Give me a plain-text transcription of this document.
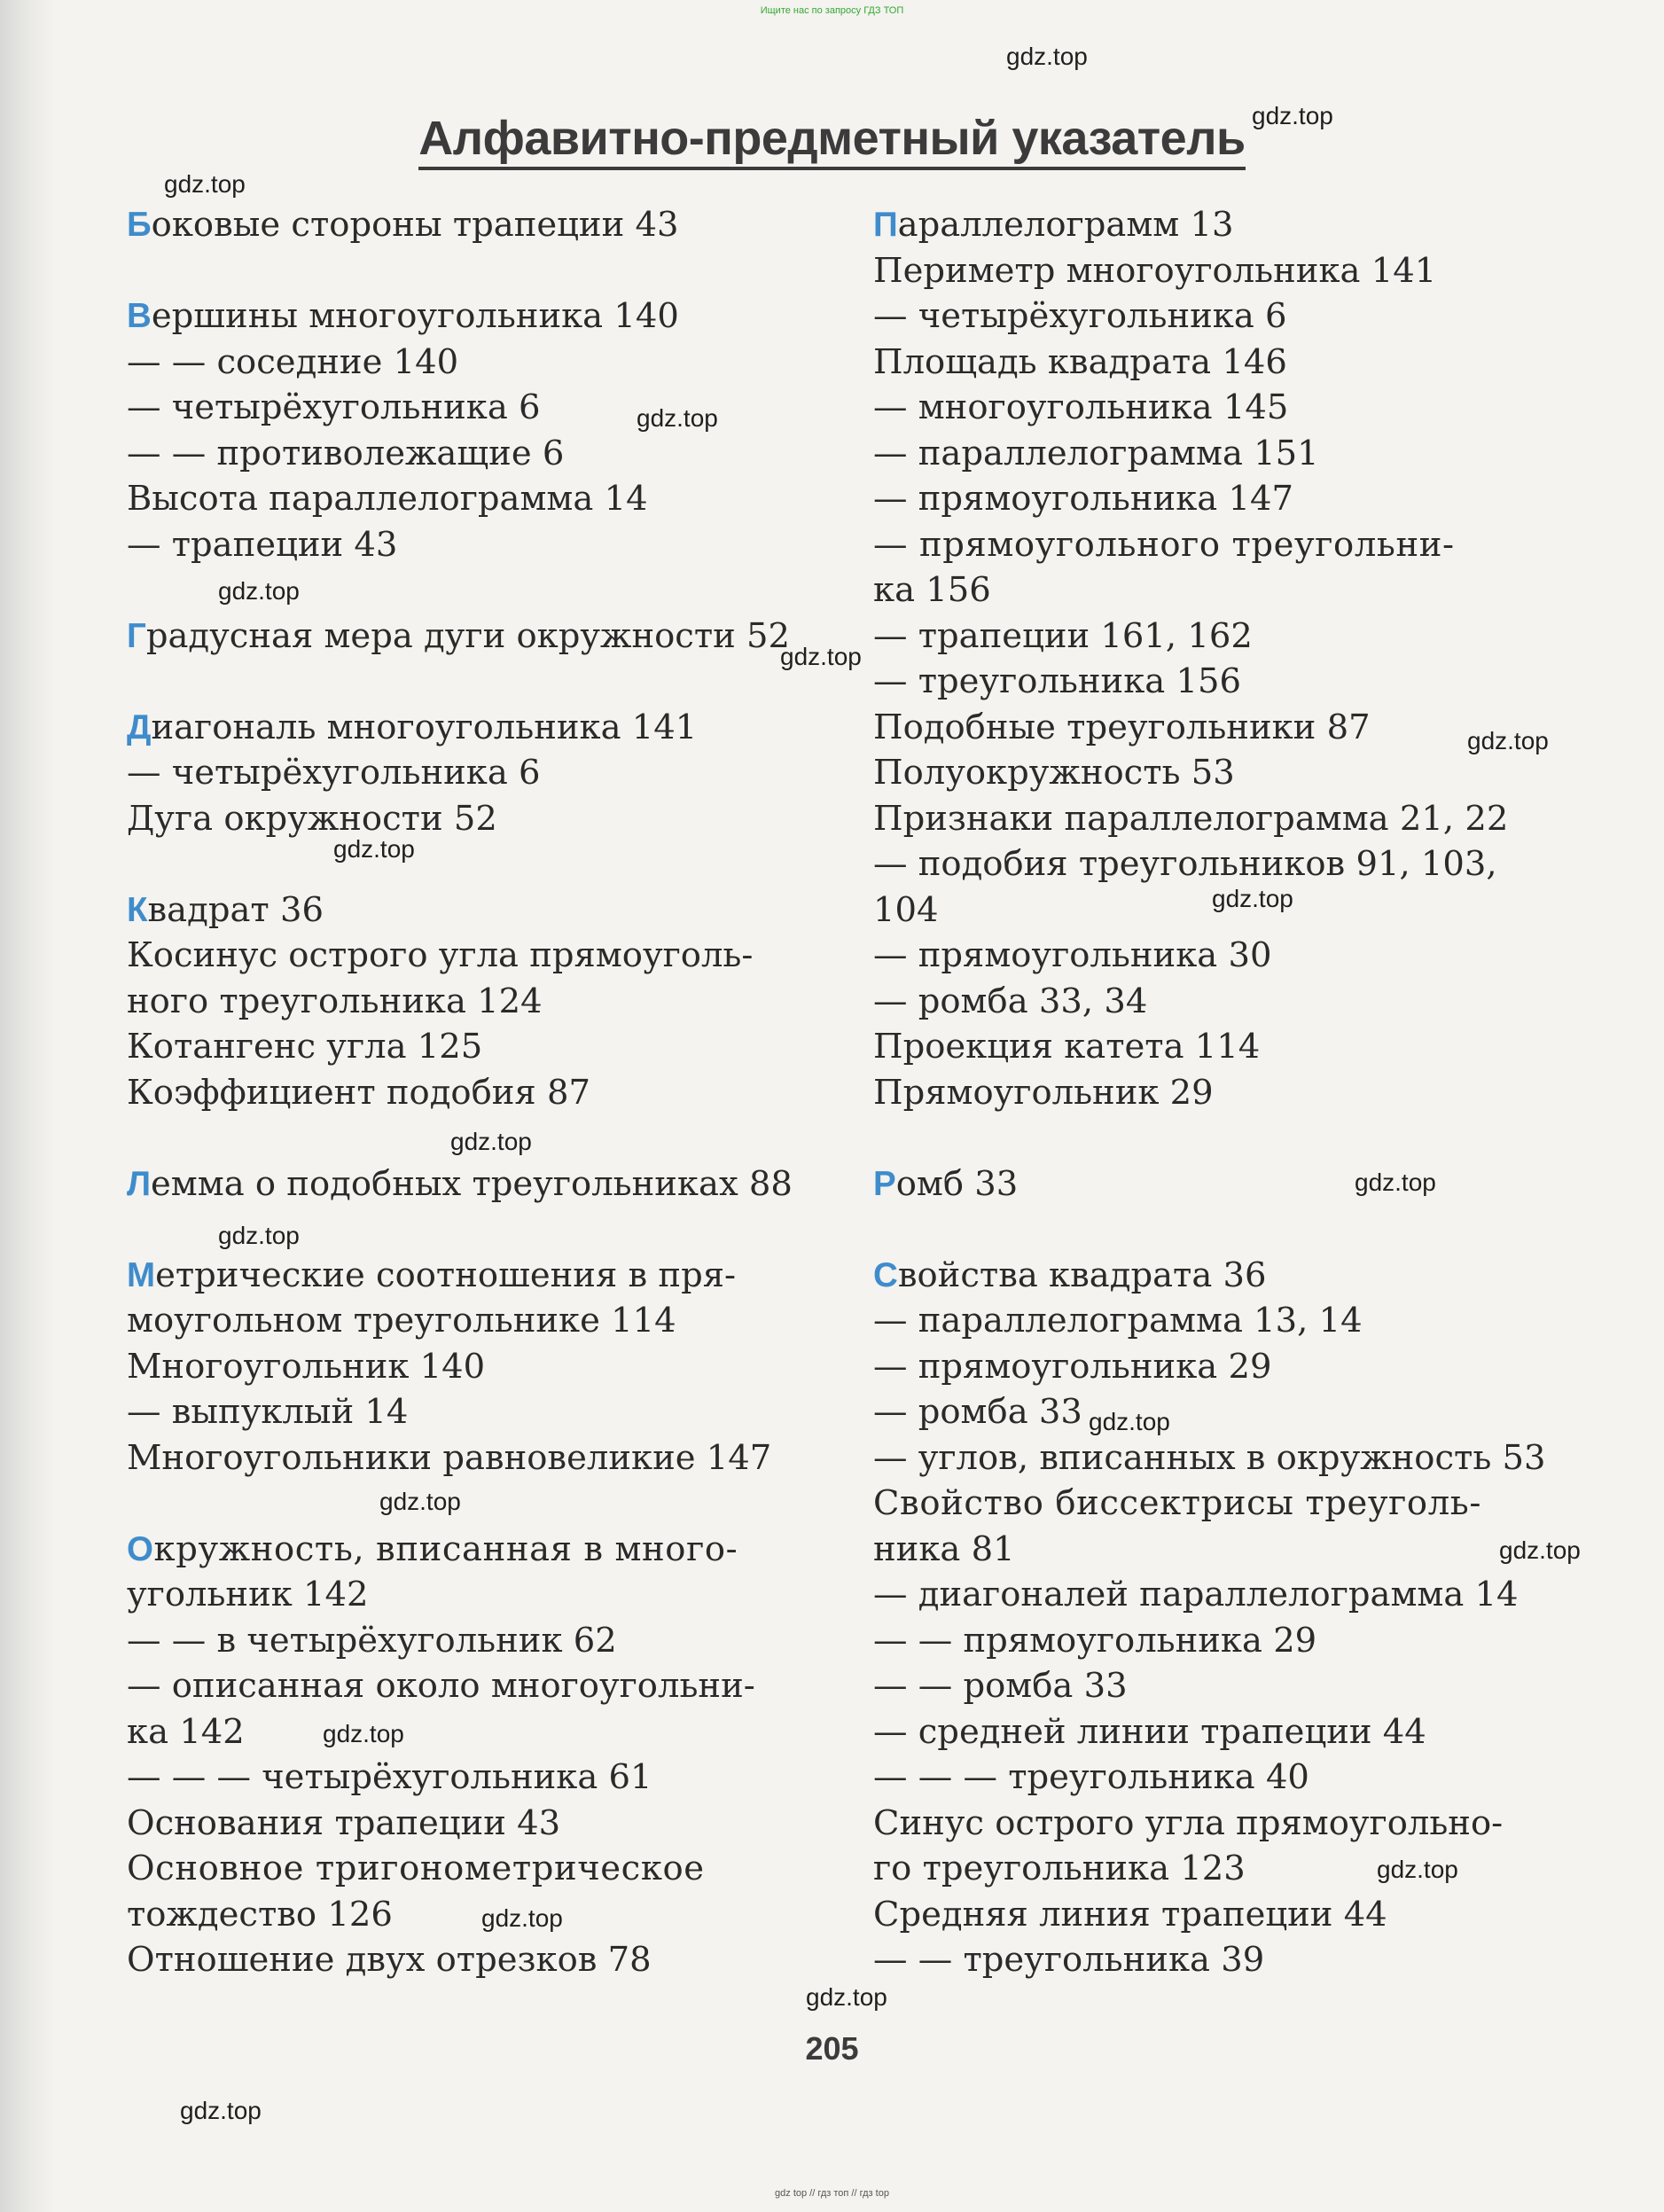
Ищите нас по запросу ГДЗ ТОП
Алфавитно-предметный указатель
Боковые стороны трапеции 43
Вершины многоугольника 140
— — соседние 140
— четырёхугольника 6
— — противолежащие 6
Высота параллелограмма 14
— трапеции 43
Градусная мера дуги окружности 52
Диагональ многоугольника 141
— четырёхугольника 6
Дуга окружности 52
Квадрат 36
Косинус острого угла прямоуголь-
ного треугольника 124
Котангенс угла 125
Коэффициент подобия 87
Лемма о подобных треугольниках 88
Метрические соотношения в пря-
моугольном треугольнике 114
Многоугольник 140
— выпуклый 14
Многоугольники равновеликие 147
Окружность, вписанная в много-
угольник 142
— — в четырёхугольник 62
— описанная около многоугольни-
ка 142
— — — четырёхугольника 61
Основания трапеции 43
Основное тригонометрическое
тождество 126
Отношение двух отрезков 78
Параллелограмм 13
Периметр многоугольника 141
— четырёхугольника 6
Площадь квадрата 146
— многоугольника 145
— параллелограмма 151
— прямоугольника 147
— прямоугольного треугольни-
ка 156
— трапеции 161, 162
— треугольника 156
Подобные треугольники 87
Полуокружность 53
Признаки параллелограмма 21, 22
— подобия треугольников 91, 103,
104
— прямоугольника 30
— ромба 33, 34
Проекция катета 114
Прямоугольник 29
Ромб 33
Свойства квадрата 36
— параллелограмма 13, 14
— прямоугольника 29
— ромба 33
— углов, вписанных в окружность 53
Свойство биссектрисы треуголь-
ника 81
— диагоналей параллелограмма 14
— — прямоугольника 29
— — ромба 33
— средней линии трапеции 44
— — — треугольника 40
Синус острого угла прямоугольно-
го треугольника 123
Средняя линия трапеции 44
— — треугольника 39
gdz.top
gdz.top
gdz.top
gdz.top
gdz.top
gdz.top
gdz.top
gdz.top
gdz.top
gdz.top
gdz.top
gdz.top
gdz.top
gdz.top
gdz.top
gdz.top
gdz.top
gdz.top
gdz.top
gdz.top
205
gdz top // гдз топ // гдз top
